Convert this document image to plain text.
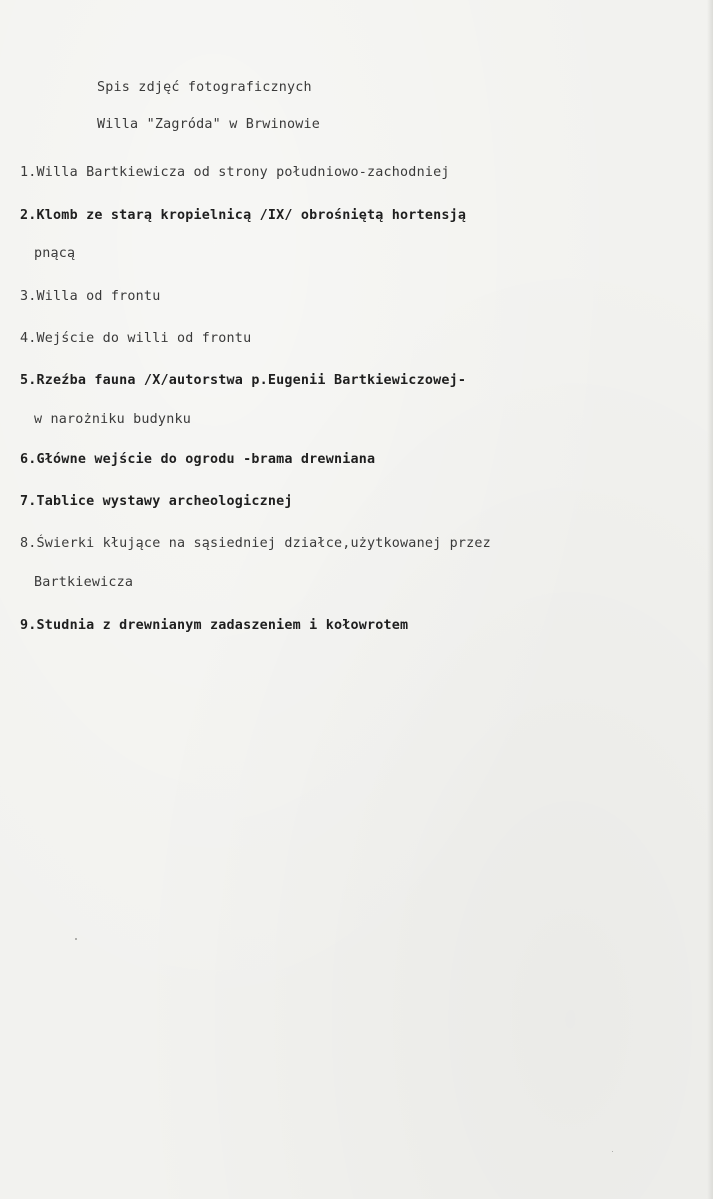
Spis zdjęć fotograficznych
Willa "Zagróda" w Brwinowie
1.Willa Bartkiewicza od strony południowo-zachodniej
2.Klomb ze starą kropielnicą /IX/ obrośniętą hortensją
pnącą
3.Willa od frontu
4.Wejście do willi od frontu
5.Rzeźba fauna /X/autorstwa p.Eugenii Bartkiewiczowej-
w narożniku budynku
6.Główne wejście do ogrodu -brama drewniana
7.Tablice wystawy archeologicznej
8.Świerki kłujące na sąsiedniej działce,użytkowanej przez
Bartkiewicza
9.Studnia z drewnianym zadaszeniem i kołowrotem
